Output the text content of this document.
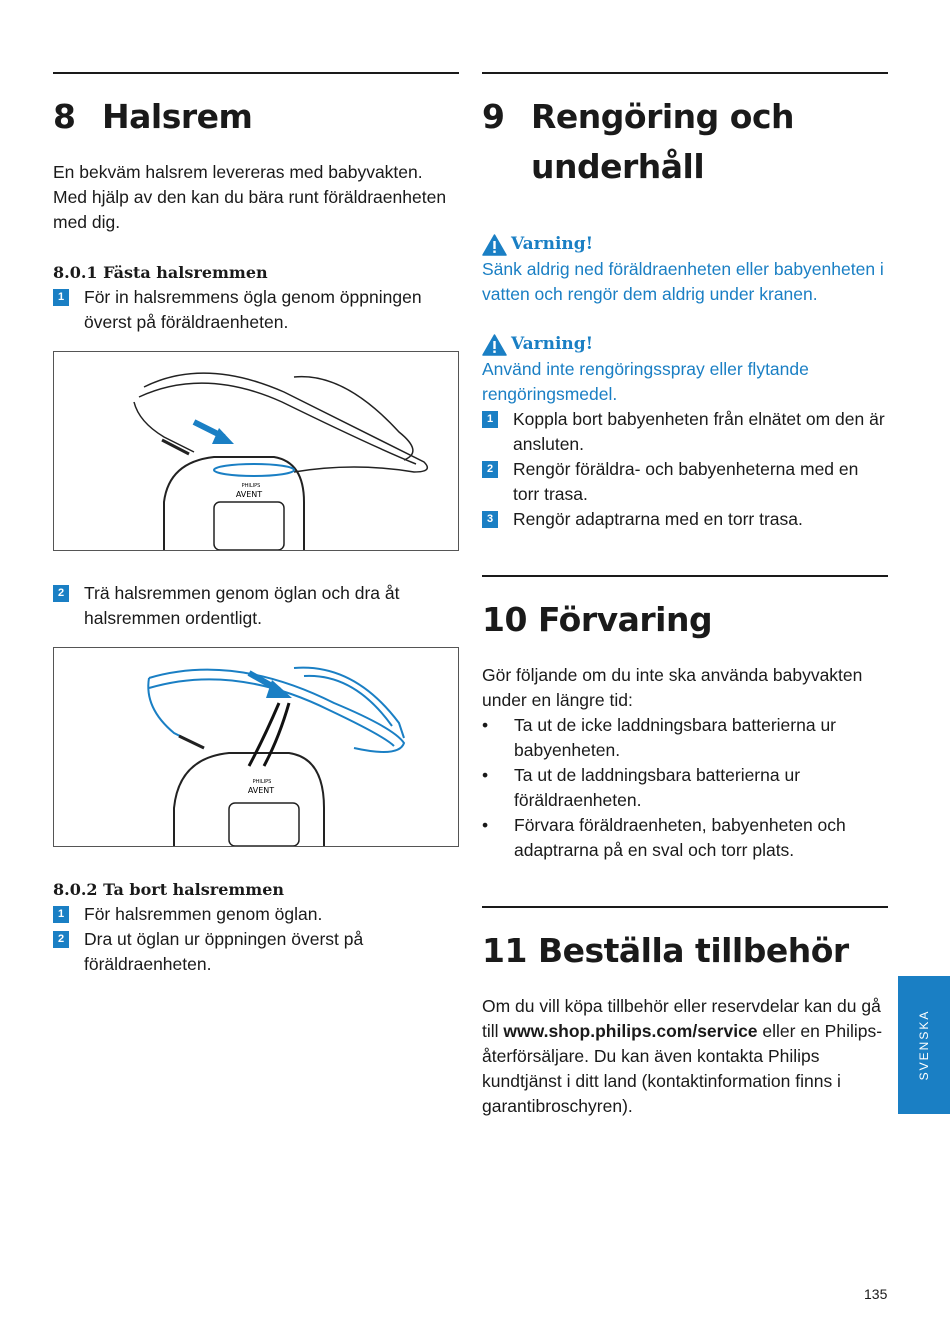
8 Halsrem

En bekväm halsrem levereras med babyvakten. Med hjälp av den kan du bära runt föräldraenheten med dig.

8.0.1 Fästa halsremmen

1 För in halsremmens ögla genom öppningen överst på föräldraenheten.
PHILIPS
AVENT
2 Trä halsremmen genom öglan och dra åt halsremmen ordentligt.
PHILIPS
AVENT

8.0.2 Ta bort halsremmen

1 För halsremmen genom öglan.
2 Dra ut öglan ur öppningen överst på föräldraenheten.
9 Rengöring och
underhåll
Varning!

Sänk aldrig ned föräldraenheten eller babyenheten i vatten och rengör dem aldrig under kranen.

Varning!

Använd inte rengöringsspray eller flytande rengöringsmedel.

1 Koppla bort babyenheten från elnätet om den är ansluten.
2 Rengör föräldra- och babyenheterna med en torr trasa.
3 Rengör adaptrarna med en torr trasa.
10 Förvaring

Gör följande om du inte ska använda babyvakten under en längre tid:

•	Ta ut de icke laddningsbara batterierna ur babyenheten.
•	Ta ut de laddningsbara batterierna ur föräldraenheten.
•	Förvara föräldraenheten, babyenheten och adaptrarna på en sval och torr plats.
11 Beställa tillbehör

Om du vill köpa tillbehör eller reservdelar kan du gå till www.shop.philips.com/service eller en Philips-återförsäljare. Du kan även kontakta Philips kundtjänst i ditt land (kontaktinformation finns i garantibroschyren).

SVENSKA
135
